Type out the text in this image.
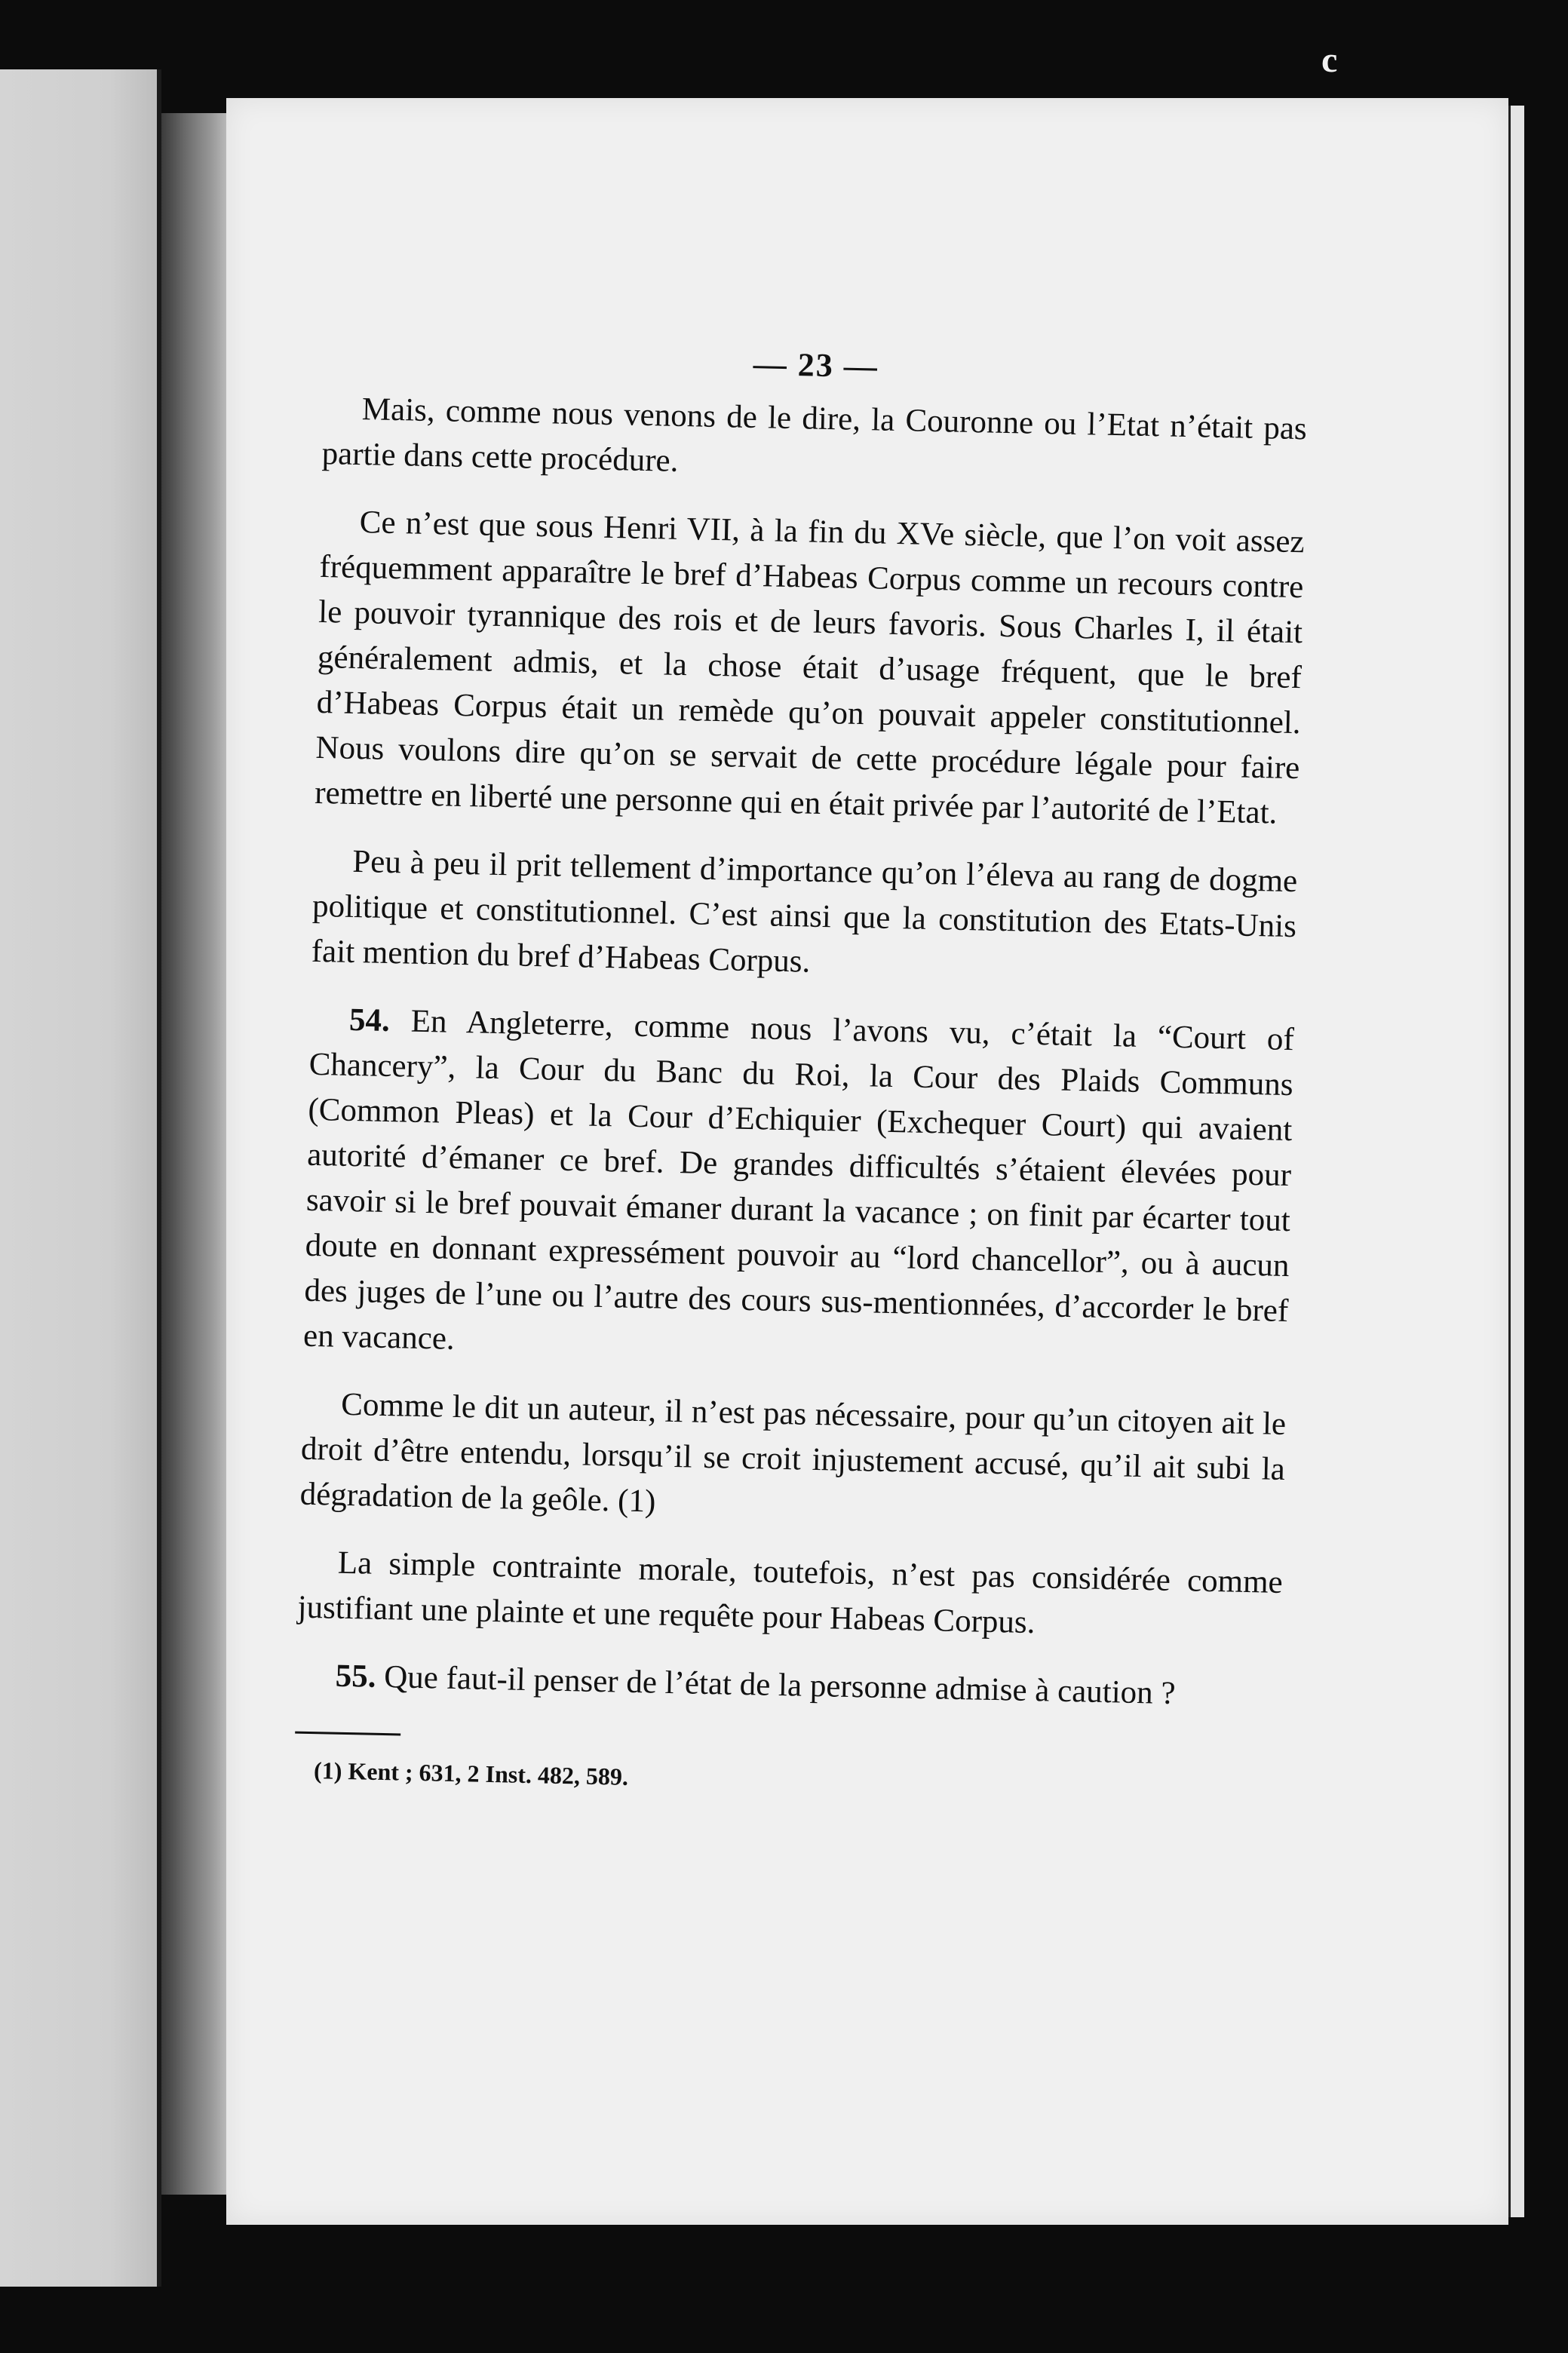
c
— 23 —

Mais, comme nous venons de le dire, la Couronne ou l’Etat n’était pas partie dans cette procédure.

Ce n’est que sous Henri VII, à la fin du XVe siècle, que l’on voit assez fréquemment apparaître le bref d’Habeas Corpus comme un recours contre le pouvoir tyrannique des rois et de leurs favoris. Sous Charles I, il était généralement admis, et la chose était d’usage fréquent, que le bref d’Habeas Corpus était un remède qu’on pouvait appeler constitutionnel. Nous voulons dire qu’on se servait de cette procédure légale pour faire remettre en liberté une personne qui en était privée par l’autorité de l’Etat.

Peu à peu il prit tellement d’importance qu’on l’éleva au rang de dogme politique et constitutionnel. C’est ainsi que la constitution des Etats-Unis fait mention du bref d’Habeas Corpus.

54. En Angleterre, comme nous l’avons vu, c’était la “Court of Chancery”, la Cour du Banc du Roi, la Cour des Plaids Communs (Common Pleas) et la Cour d’Echiquier (Exchequer Court) qui avaient autorité d’émaner ce bref. De grandes difficultés s’étaient élevées pour savoir si le bref pouvait émaner durant la vacance ; on finit par écarter tout doute en donnant expressément pouvoir au “lord chancellor”, ou à aucun des juges de l’une ou l’autre des cours sus-mentionnées, d’accorder le bref en vacance.

Comme le dit un auteur, il n’est pas nécessaire, pour qu’un citoyen ait le droit d’être entendu, lorsqu’il se croit injustement accusé, qu’il ait subi la dégradation de la geôle. (1)

La simple contrainte morale, toutefois, n’est pas considérée comme justifiant une plainte et une requête pour Habeas Corpus.

55. Que faut-il penser de l’état de la personne admise à caution ?

(1) Kent ; 631, 2 Inst. 482, 589.
